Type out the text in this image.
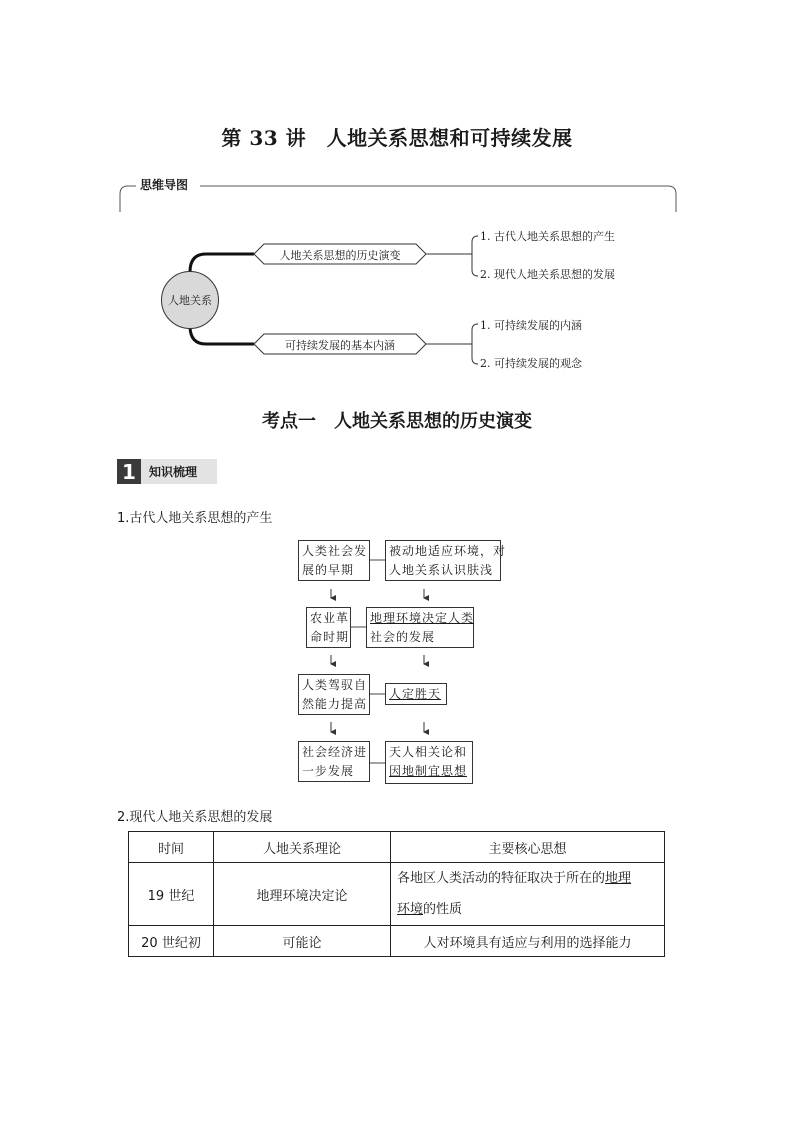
第 33 讲　人地关系思想和可持续发展
思维导图
人地关系
人地关系思想的历史演变
可持续发展的基本内涵
1. 古代人地关系思想的产生
2. 现代人地关系思想的发展
1. 可持续发展的内涵
2. 可持续发展的观念
考点一　人地关系思想的历史演变
1	知识梳理
1.古代人地关系思想的产生
人类社会发
展的早期
被动地适应环境，对
人地关系认识肤浅
农业革
命时期
地理环境决定人类
社会的发展
人类驾驭自
然能力提高
人定胜天
社会经济进
一步发展
天人相关论和
因地制宜思想
2.现代人地关系思想的发展
时间	人地关系理论	主要核心思想
19 世纪	地理环境决定论	各地区人类活动的特征取决于所在的地理
环境的性质
20 世纪初	可能论	人对环境具有适应与利用的选择能力
